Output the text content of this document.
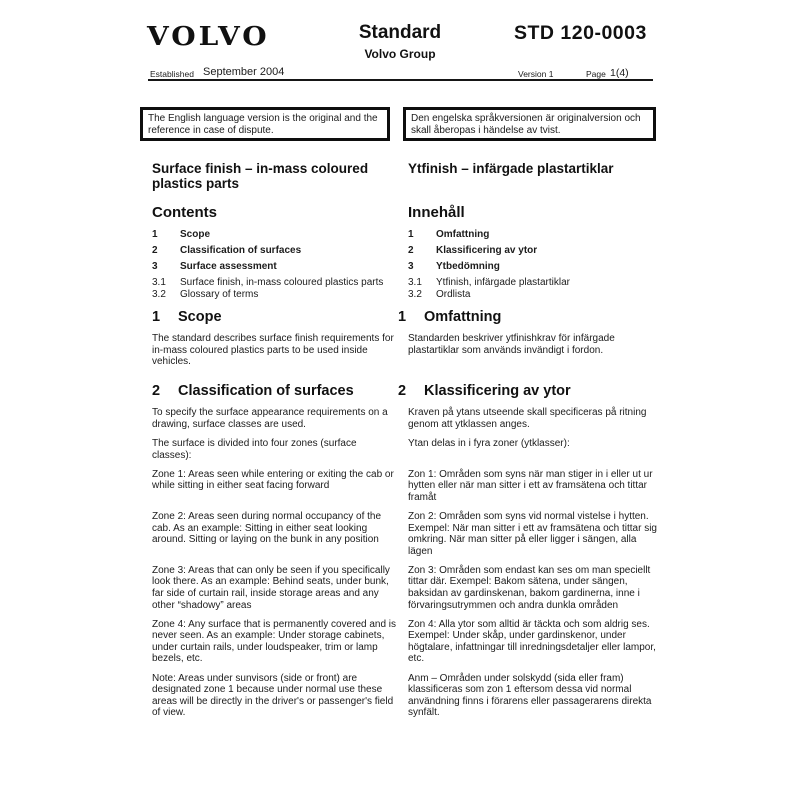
VOLVO	Standard
Volvo Group
STD 120-0003
Established September 2004	Version 1	Page 1(4)
The English language version is the original and the reference in case of dispute.
Den engelska språkversionen är originalversion och skall åberopas i händelse av tvist.
Surface finish – in-mass coloured plastics parts
Ytfinish – infärgade plastartiklar
Contents
1	Scope
2	Classification of surfaces
3	Surface assessment
3.1	Surface finish, in-mass coloured plastics parts
3.2	Glossary of terms
Innehåll
1	Omfattning
2	Klassificering av ytor
3	Ytbedömning
3.1	Ytfinish, infärgade plastartiklar
3.2	Ordlista
1	Scope	1	Omfattning

The standard describes surface finish requirements for in-mass coloured plastics parts to be used inside vehicles.

Standarden beskriver ytfinishkrav för infärgade plastartiklar som används invändigt i fordon.

2	Classification of surfaces	2	Klassificering av ytor

To specify the surface appearance requirements on a drawing, surface classes are used.

Kraven på ytans utseende skall specificeras på ritning genom att ytklassen anges.

The surface is divided into four zones (surface classes):

Ytan delas in i fyra zoner (ytklasser):

Zone 1: Areas seen while entering or exiting the cab or while sitting in either seat facing forward

Zon 1: Områden som syns när man stiger in i eller ut ur hytten eller när man sitter i ett av framsätena och tittar framåt

Zone 2: Areas seen during normal occupancy of the cab. As an example: Sitting in either seat looking around. Sitting or laying on the bunk in any position

Zon 2: Områden som syns vid normal vistelse i hytten. Exempel: När man sitter i ett av framsätena och tittar sig omkring. När man sitter på eller ligger i sängen, alla lägen

Zone 3: Areas that can only be seen if you specifically look there. As an example: Behind seats, under bunk, far side of curtain rail, inside storage areas and any other “shadowy” areas

Zon 3: Områden som endast kan ses om man speciellt tittar där. Exempel: Bakom sätena, under sängen, baksidan av gardinskenan, bakom gardinerna, inne i förvaringsutrymmen och andra dunkla områden

Zone 4: Any surface that is permanently covered and is never seen. As an example: Under storage cabinets, under curtain rails, under loudspeaker, trim or lamp bezels, etc.

Zon 4: Alla ytor som alltid är täckta och som aldrig ses. Exempel: Under skåp, under gardinskenor, under högtalare, infattningar till inredningsdetaljer eller lampor, etc.

Note: Areas under sunvisors (side or front) are designated zone 1 because under normal use these areas will be directly in the driver's or passenger's field of view.

Anm – Områden under solskydd (sida eller fram) klassificeras som zon 1 eftersom dessa vid normal användning finns i förarens eller passagerarens direkta synfält.
